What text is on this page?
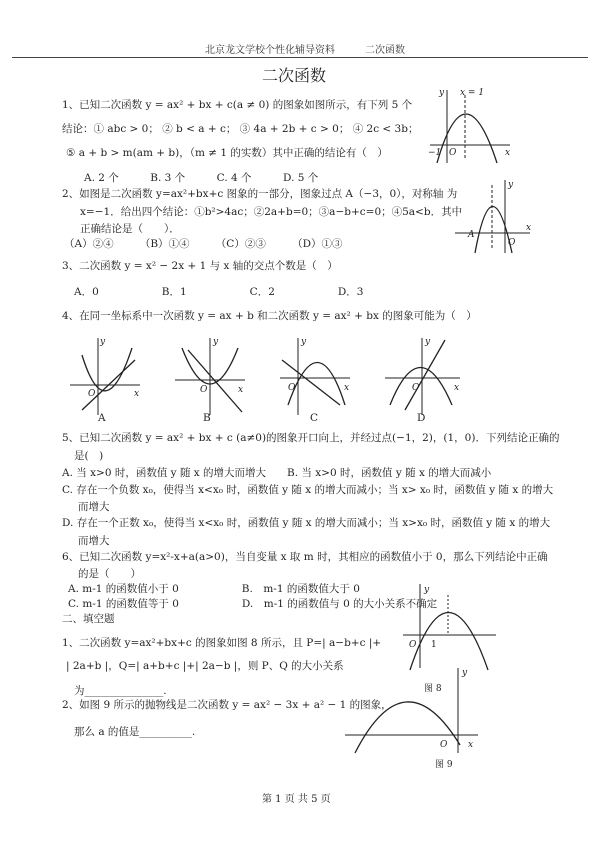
北京龙文学校个性化辅导资料　　　二次函数
二次函数
1、已知二次函数 y = ax² + bx + c(a ≠ 0) 的图象如图所示，有下列 5 个
结论：① abc > 0； ② b < a + c； ③ 4a + 2b + c > 0； ④ 2c < 3b；
⑤ a + b > m(am + b)，（m ≠ 1 的实数）其中正确的结论有（　）
A. 2 个　　　B. 3 个　　　C. 4 个　　　D. 5 个
2、如图是二次函数 y=ax²+bx+c 图象的一部分，图象过点 A（−3，0），对称轴 为
x=−1．给出四个结论：①b²>4ac；②2a+b=0；③a−b+c=0；④5a<b．其中
正确结论是（　　）．
（A）②④　　　（B）①④　　　（C）②③　　　（D）①③
3、二次函数 y = x² − 2x + 1 与 x 轴的交点个数是（　）
A．0　　　　　　B．1　　　　　　C．2　　　　　　D．3
4、在同一坐标系中一次函数 y = ax + b 和二次函数 y = ax² + bx 的图象可能为（　）
O	x
y
O	x
y
O	x
y
O	x
y
A	B	C	D
5、已知二次函数 y = ax² + bx + c (a≠0)的图象开口向上，并经过点(−1，2)，(1，0)．下列结论正确的
是(　)
A. 当 x>0 时，函数值 y 随 x 的增大而增大　　B. 当 x>0 时，函数值 y 随 x 的增大而减小
C. 存在一个负数 x₀，使得当 x<x₀ 时，函数值 y 随 x 的增大而减小；当 x> x₀ 时，函数值 y 随 x 的增大
而增大
D. 存在一个正数 x₀，使得当 x<x₀ 时，函数值 y 随 x 的增大而减小；当 x>x₀ 时，函数值 y 随 x 的增大
而增大
6、已知二次函数 y=x²-x+a(a>0)，当自变量 x 取 m 时，其相应的函数值小于 0，那么下列结论中正确
的是（　　）
A. m-1 的函数值小于 0　　　　　　B.　m-1 的函数值大于 0
C. m-1 的函数值等于 0　　　　　　D.　m-1 的函数值与 0 的大小关系不确定
二、填空题
1、二次函数 y=ax²+bx+c 的图象如图 8 所示，且 P=| a−b+c |+
| 2a+b |，Q=| a+b+c |+| 2a−b |，则 P、Q 的大小关系
为_______________.
2、如图 9 所示的抛物线是二次函数 y = ax² − 3x + a² − 1 的图象，
那么 a 的值是__________.
x = 1
−1 O	x
y
A
O
x
y
O 1
y
图 8
O x
y
图 9
第 1 页 共 5 页
